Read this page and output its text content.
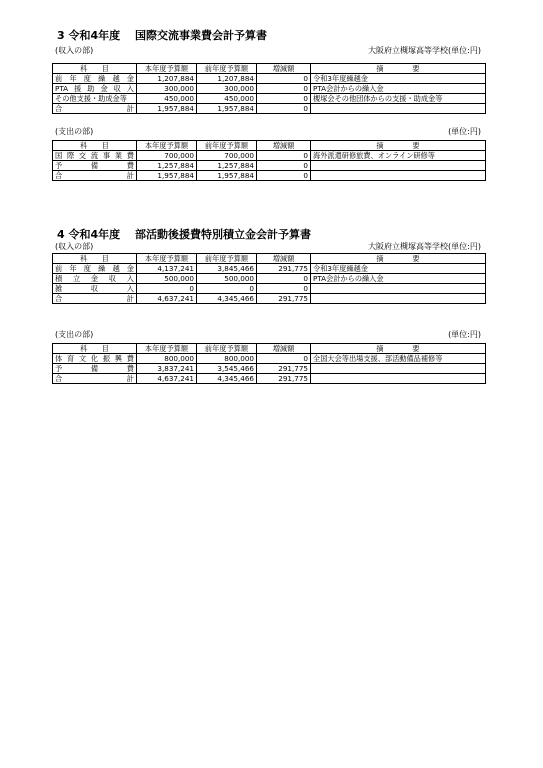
3 令和4年度　 国際交流事業費会計予算書
(収入の部)	大阪府立槻塚高等学校(単位:円)
科　　目	本年度予算額	前年度予算額	増減額	摘　　　　要
前年度繰越金	1,207,884	1,207,884	0	令和3年度繰越金
PTA援助金収入	300,000	300,000	0	PTA会計からの繰入金
その他支援・助成金等	450,000	450,000	0	槻塚会その他団体からの支援・助成金等
合　　　　計	1,957,884	1,957,884	0	
(支出の部)	(単位:円)
科　　目	本年度予算額	前年度予算額	増減額	摘　　　　要
国際交流事業費	700,000	700,000	0	海外派遣研修旅費、オンライン研修等
予　備　費	1,257,884	1,257,884	0	
合　　　　計	1,957,884	1,957,884	0	
4 令和4年度　 部活動後援費特別積立金会計予算書
(収入の部)	大阪府立槻塚高等学校(単位:円)
科　　目	本年度予算額	前年度予算額	増減額	摘　　　　要
前年度繰越金	4,137,241	3,845,466	291,775	令和3年度繰越金
積立金収入	500,000	500,000	0	PTA会計からの繰入金
雑　収　入	0	0	0	
合　　　　計	4,637,241	4,345,466	291,775	
(支出の部)	(単位:円)
科　　目	本年度予算額	前年度予算額	増減額	摘　　　　要
体育文化振興費	800,000	800,000	0	全国大会等出場支援、部活動備品補修等
予　備　費	3,837,241	3,545,466	291,775	
合　　　　計	4,637,241	4,345,466	291,775	
